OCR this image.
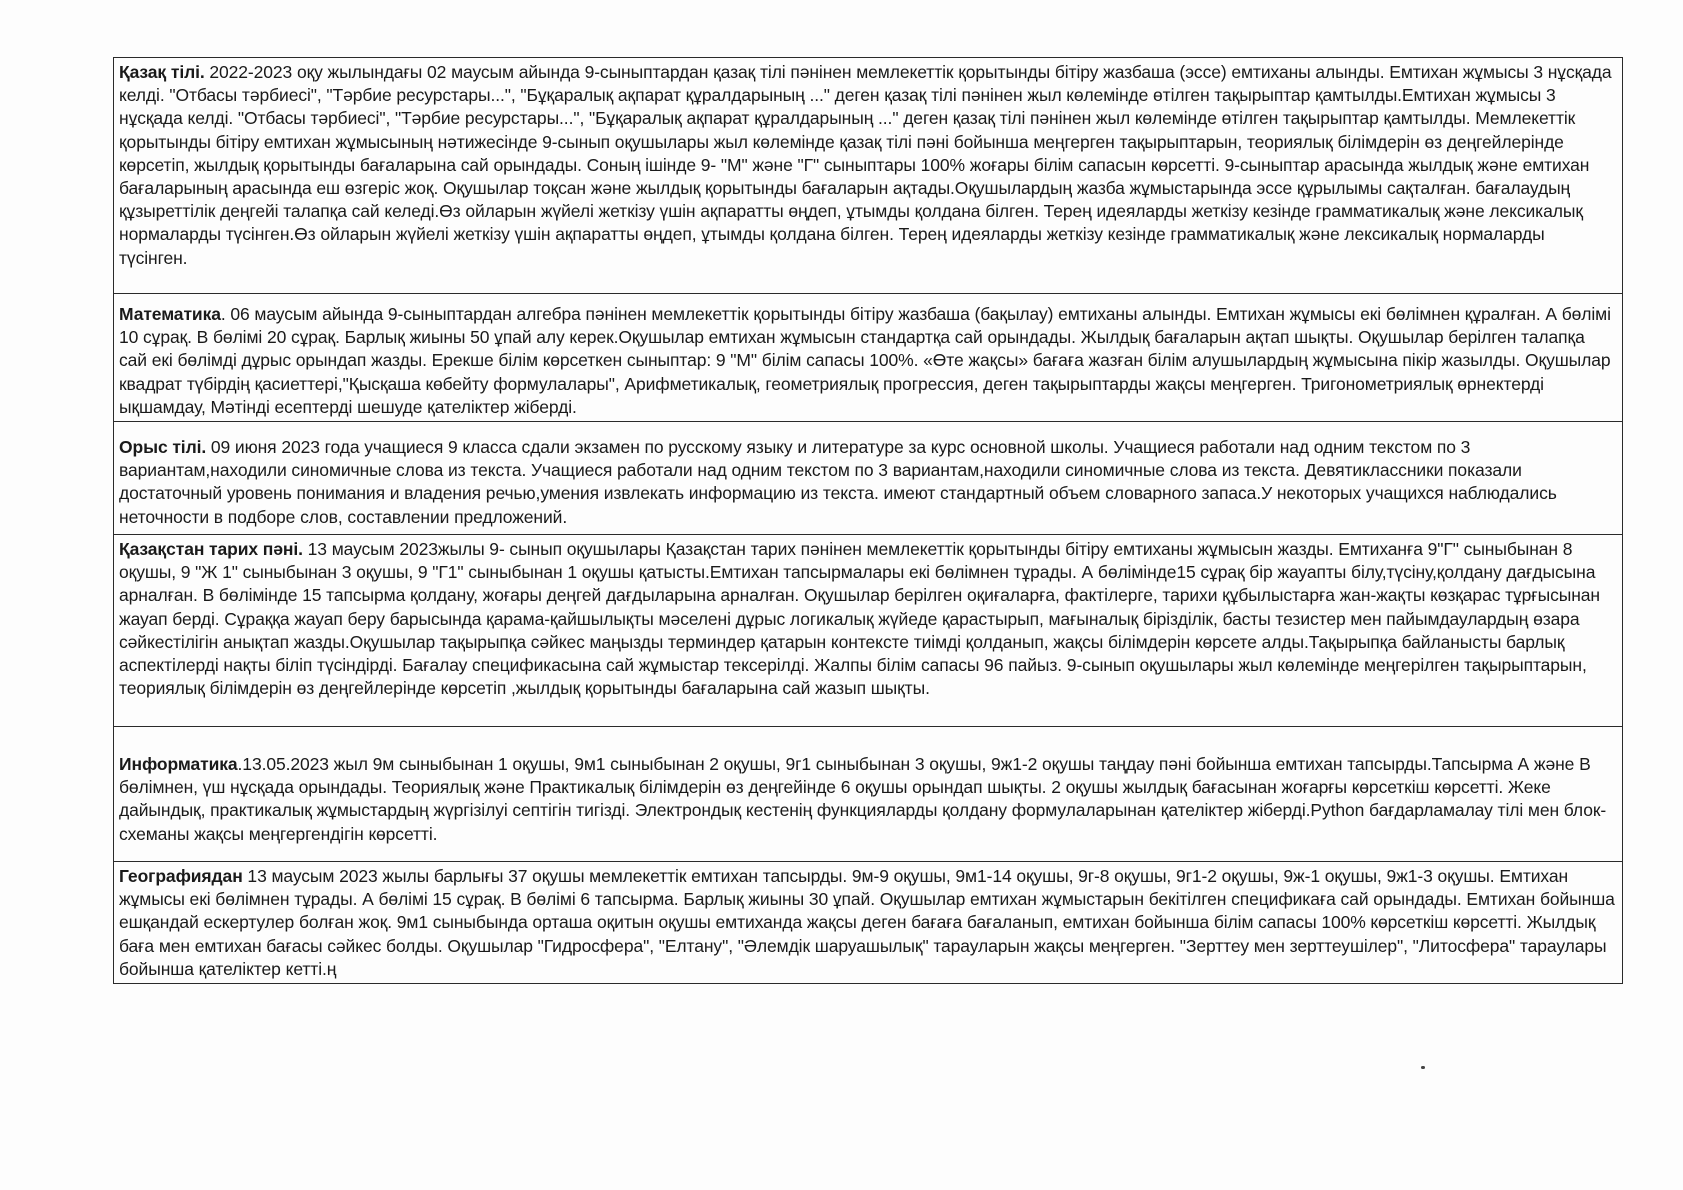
Қазақ тілі. 2022-2023 оқу жылындағы 02 маусым айында 9-сыныптардан қазақ тілі пәнінен мемлекеттік қорытынды бітіру жазбаша (эссе) емтиханы алынды. Емтихан жұмысы 3 нұсқада келді. "Отбасы тәрбиесі", "Тәрбие ресурстары...", "Бұқаралық ақпарат құралдарының ..." деген қазақ тілі пәнінен жыл көлемінде өтілген тақырыптар қамтылды.Емтихан жұмысы 3 нұсқада келді. "Отбасы тәрбиесі", "Тәрбие ресурстары...", "Бұқаралық ақпарат құралдарының ..." деген қазақ тілі пәнінен жыл көлемінде өтілген тақырыптар қамтылды. Мемлекеттік қорытынды бітіру емтихан жұмысының нәтижесінде 9-сынып оқушылары жыл көлемінде қазақ тілі пәні бойынша меңгерген тақырыптарын, теориялық білімдерін өз деңгейлерінде көрсетіп, жылдық қорытынды бағаларына сай орындады. Соның ішінде 9- "М" және "Г" сыныптары 100% жоғары білім сапасын көрсетті. 9-сыныптар арасында жылдық және емтихан бағаларының арасында еш өзгеріс жоқ. Оқушылар тоқсан және жылдық қорытынды бағаларын ақтады.Оқушылардың жазба жұмыстарында эссе құрылымы сақталған. бағалаудың құзыреттілік деңгейі талапқа сай келеді.Өз ойларын жүйелі жеткізу үшін ақпаратты өңдеп, ұтымды қолдана білген. Терең идеяларды жеткізу кезінде грамматикалық және лексикалық нормаларды түсінген.Өз ойларын жүйелі жеткізу үшін ақпаратты өңдеп, ұтымды қолдана білген. Терең идеяларды жеткізу кезінде грамматикалық және лексикалық нормаларды түсінген.
Математика. 06 маусым айында 9-сыныптардан алгебра пәнінен мемлекеттік қорытынды бітіру жазбаша (бақылау) емтиханы алынды. Емтихан жұмысы екі бөлімнен құралған. А бөлімі 10 сұрақ. В бөлімі 20 сұрақ. Барлық жиыны 50 ұпай алу керек.Оқушылар емтихан жұмысын стандартқа сай орындады. Жылдық бағаларын ақтап шықты. Оқушылар берілген талапқа сай екі бөлімді дұрыс орындап жазды. Ерекше білім көрсеткен сыныптар: 9 "М" білім сапасы 100%. «Өте жақсы» бағаға жазған білім алушылардың жұмысына пікір жазылды. Оқушылар квадрат түбірдің қасиеттері,"Қысқаша көбейту формулалары", Арифметикалық, геометриялық прогрессия, деген тақырыптарды жақсы меңгерген. Тригонометриялық өрнектерді ықшамдау, Мәтінді есептерді шешуде қателіктер жіберді.
Орыс тілі. 09 июня 2023 года учащиеся 9 класса сдали экзамен по русскому языку и литературе за курс основной школы. Учащиеся работали над одним текстом по 3 вариантам,находили синомичные слова из текста. Учащиеся работали над одним текстом по 3 вариантам,находили синомичные слова из текста. Девятиклассники показали достаточный уровень понимания и владения речью,умения извлекать информацию из текста. имеют стандартный объем словарного запаса.У некоторых учащихся наблюдались неточности в подборе слов, составлении предложений.
Қазақстан тарих пәні. 13 маусым 2023жылы 9- сынып оқушылары Қазақстан тарих пәнінен мемлекеттік қорытынды бітіру емтиханы жұмысын жазды. Емтиханға 9"Г" сыныбынан 8 оқушы, 9 "Ж 1" сыныбынан 3 оқушы, 9 "Г1" сыныбынан 1 оқушы қатысты.Емтихан тапсырмалары екі бөлімнен тұрады. А бөлімінде15 сұрақ бір жауапты білу,түсіну,қолдану дағдысына арналған. В бөлімінде 15 тапсырма қолдану, жоғары деңгей дағдыларына арналған. Оқушылар берілген оқиғаларға, фактілерге, тарихи құбылыстарға жан-жақты көзқарас тұрғысынан жауап берді. Сұраққа жауап беру барысында қарама-қайшылықты мәселені дұрыс логикалық жүйеде қарастырып, мағыналық біріздiлiк, басты тезистер мен пайымдаулардың өзара сәйкестілігін анықтап жазды.Оқушылар тақырыпқа сәйкес маңызды терминдер қатарын контексте тиімді қолданып, жақсы білімдерін көрсете алды.Тақырыпқа байланысты барлық аспектілерді нақты біліп түсіндірді. Бағалау спецификасына сай жұмыстар тексерілді. Жалпы білім сапасы 96 пайыз. 9-сынып оқушылары жыл көлемінде меңгерілген тақырыптарын, теориялық білімдерін өз деңгейлерінде көрсетіп ,жылдық қорытынды бағаларына сай жазып шықты.
Информатика.13.05.2023 жыл 9м сыныбынан 1 оқушы, 9м1 сыныбынан 2 оқушы, 9г1 сыныбынан 3 оқушы, 9ж1-2 оқушы таңдау пәні бойынша емтихан тапсырды.Тапсырма А және В бөлімнен, үш нұсқада орындады. Теориялық және Практикалық білімдерін өз деңгейінде 6 оқушы орындап шықты. 2 оқушы жылдық бағасынан жоғарғы көрсеткіш көрсетті. Жеке дайындық, практикалық жұмыстардың жүргізілуі септігін тигізді. Электрондық кестенің функцияларды қолдану формулаларынан қателіктер жіберді.Python бағдарламалау тілі мен блок- схеманы жақсы меңгергендігін көрсетті.
Географиядан 13 маусым 2023 жылы барлығы 37 оқушы мемлекеттік емтихан тапсырды. 9м-9 оқушы, 9м1-14 оқушы, 9г-8 оқушы, 9г1-2 оқушы, 9ж-1 оқушы, 9ж1-3 оқушы. Емтихан жұмысы екі бөлімнен тұрады. А бөлімі 15 сұрақ. В бөлімі 6 тапсырма. Барлық жиыны 30 ұпай. Оқушылар емтихан жұмыстарын бекітілген спецификаға сай орындады. Емтихан бойынша ешқандай ескертулер болған жоқ. 9м1 сыныбында орташа оқитын оқушы емтиханда жақсы деген бағаға бағаланып, емтихан бойынша білім сапасы 100% көрсеткіш көрсетті. Жылдық баға мен емтихан бағасы сәйкес болды. Оқушылар "Гидросфера", "Елтану", "Әлемдік шаруашылық" тарауларын жақсы меңгерген. "Зерттеу мен зерттеушілер", "Литосфера" тараулары бойынша қателіктер кетті.ң
